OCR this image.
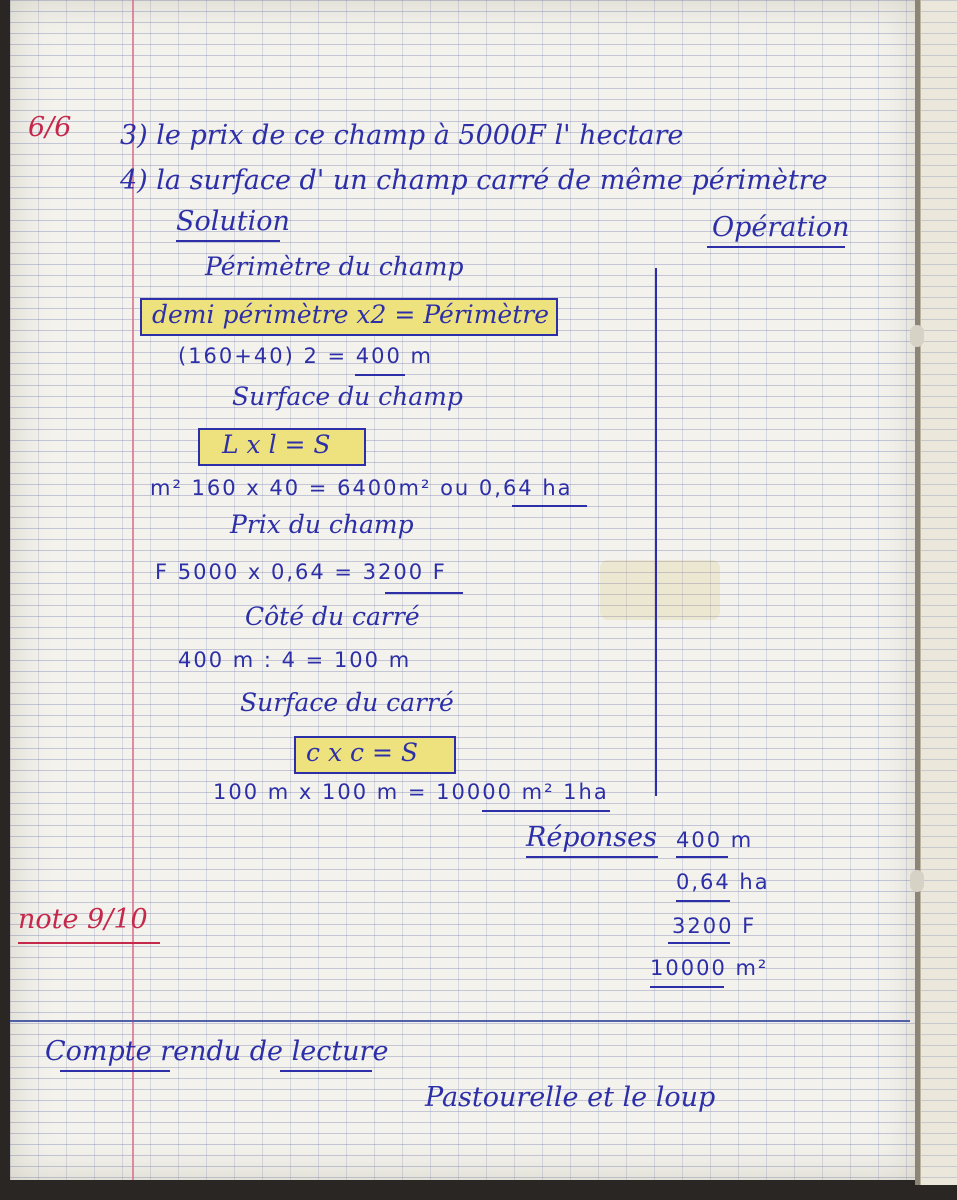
6/6 3) le prix de ce champ à 5000F l' hectare
4) la surface d' un champ carré de même périmètre
Solution	Opération
Périmètre du champ
demi périmètre x2 = Périmètre
(160+40) 2 = 400 m
Surface du champ
L x l = S
m² 160 x 40 = 6400m² ou 0,64 ha
Prix du champ
F 5000 x 0,64 = 3200 F
Côté du carré
400 m : 4 = 100 m
Surface du carré
c x c = S
100 m x 100 m = 10000 m² 1ha
Réponses 400 m
0,64 ha
3200 F
10000 m²
note 9/10
Compte rendu de lecture
Pastourelle et le loup
